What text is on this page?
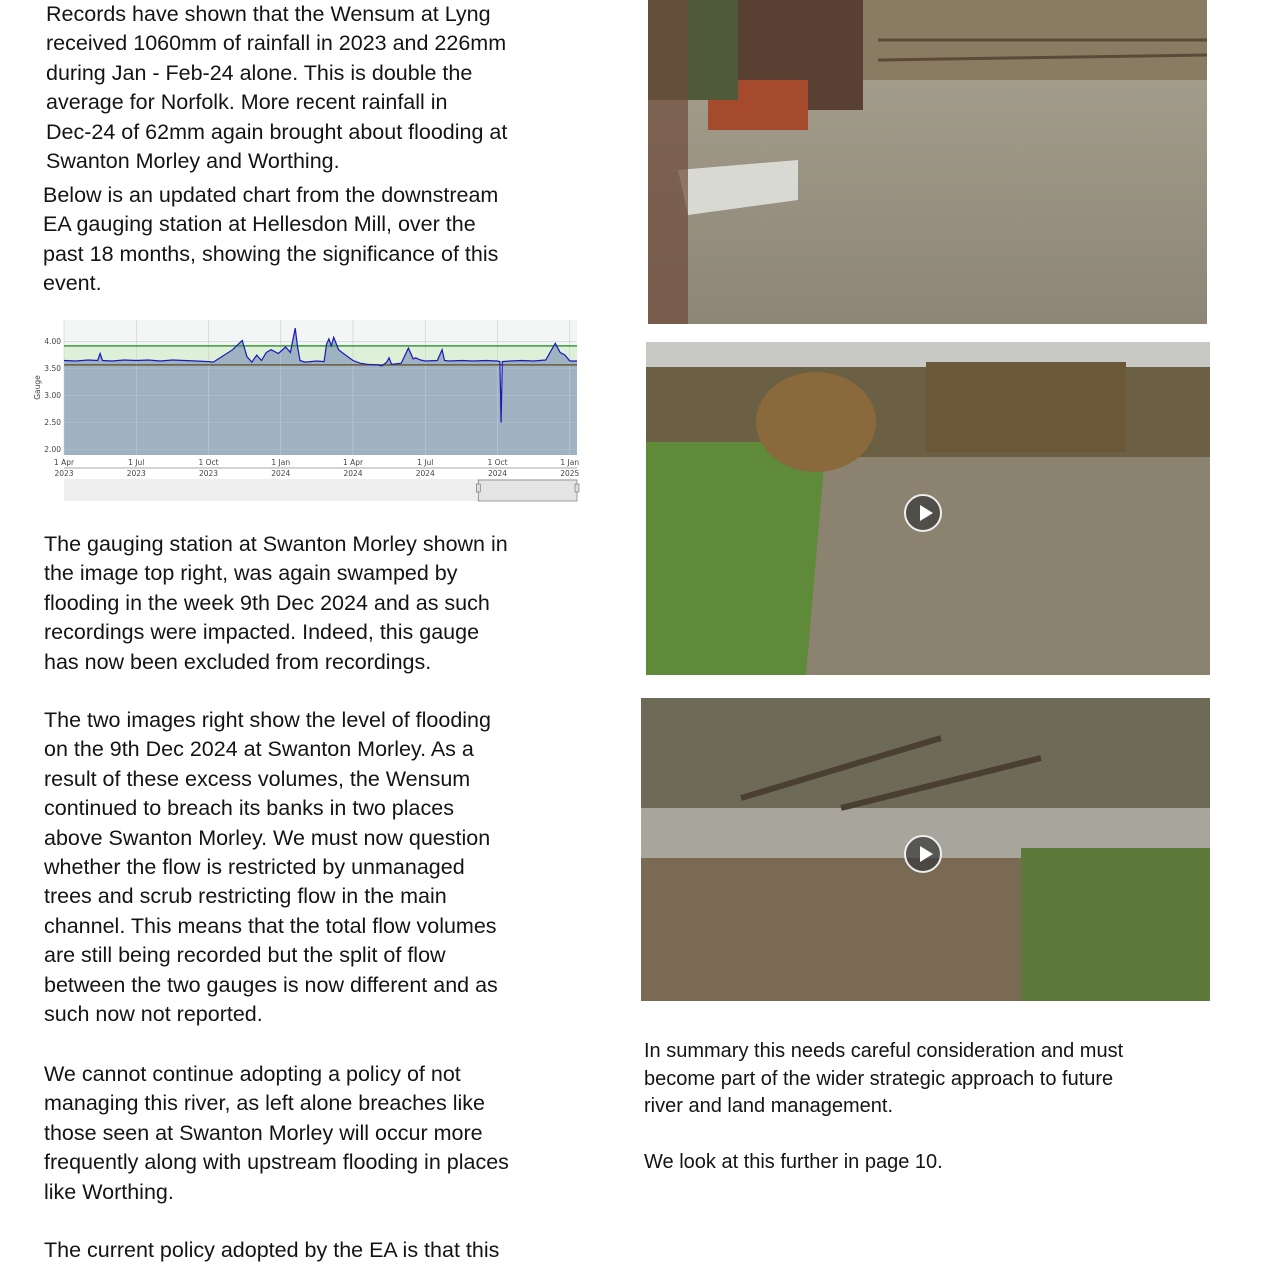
Records have shown that the Wensum at Lyng
received 1060mm of rainfall in 2023 and 226mm
during Jan - Feb-24 alone. This is double the
average for Norfolk. More recent rainfall in
Dec-24 of 62mm again brought about flooding at
Swanton Morley and Worthing.
Below is an updated chart from the downstream
EA gauging station at Hellesdon Mill, over the
past 18 months, showing the significance of this
event.
4.00
3.50
3.00
2.50
2.00
1 Apr
2023
1 Jul
2023
1 Oct
2023
1 Jan
2024
1 Apr
2024
1 Jul
2024
1 Oct
2024
1 Jan
2025
Gauge
The gauging station at Swanton Morley shown in
the image top right, was again swamped by
flooding in the week 9th Dec 2024 and as such
recordings were impacted. Indeed, this gauge
has now been excluded from recordings.
The two images right show the level of flooding
on the 9th Dec 2024 at Swanton Morley. As a
result of these excess volumes, the Wensum
continued to breach its banks in two places
above Swanton Morley. We must now question
whether the flow is restricted by unmanaged
trees and scrub restricting flow in the main
channel. This means that the total flow volumes
are still being recorded but the split of flow
between the two gauges is now different and as
such now not reported.
We cannot continue adopting a policy of not
managing this river, as left alone breaches like
those seen at Swanton Morley will occur more
frequently along with upstream flooding in places
like Worthing.
The current policy adopted by the EA is that this
In summary this needs careful consideration and must
become part of the wider strategic approach to future
river and land management.
We look at this further in page 10.
